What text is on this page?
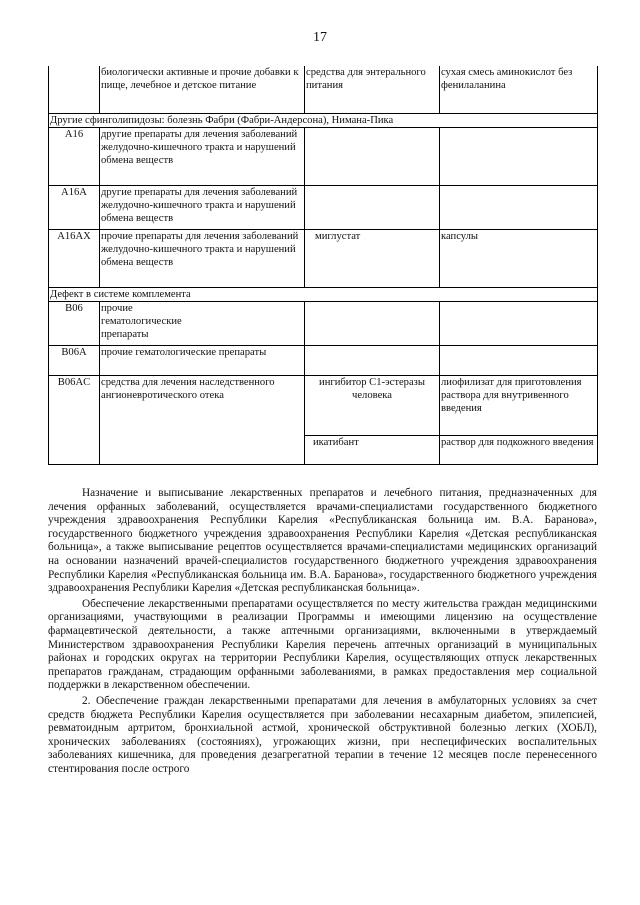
17
	биологически активные и прочие добавки к пище, лечебное и детское питание	средства для энтерального питания	сухая смесь аминокислот без фенилаланина
Другие сфинголипидозы: болезнь Фабри (Фабри-Андерсона), Нимана-Пика			
A16	другие препараты для лечения заболеваний желудочно-кишечного тракта и нарушений обмена веществ		
A16A	другие препараты для лечения заболеваний желудочно-кишечного тракта и нарушений обмена веществ		
A16AX	прочие препараты для лечения заболеваний желудочно-кишечного тракта и нарушений обмена веществ	миглустат	капсулы
Дефект в системе комплемента			
B06	прочие гематологические препараты		
B06A	прочие гематологические препараты		
B06AC	средства для лечения наследственного ангионевротического отека	ингибитор C1-эстеразы человека	лиофилизат для приготовления раствора для внутривенного введения
		икатибант	раствор для подкожного введения

Назначение и выписывание лекарственных препаратов и лечебного питания, предназначенных для лечения орфанных заболеваний, осуществляется врачами-специалистами государственного бюджетного учреждения здравоохранения Республики Карелия «Республиканская больница им. В.А. Баранова», государственного бюджетного учреждения здравоохранения Республики Карелия «Детская республиканская больница», а также выписывание рецептов осуществляется врачами-специалистами медицинских организаций на основании назначений врачей-специалистов государственного бюджетного учреждения здравоохранения Республики Карелия «Республиканская больница им. В.А. Баранова», государственного бюджетного учреждения здравоохранения Республики Карелия «Детская республиканская больница».

Обеспечение лекарственными препаратами осуществляется по месту жительства граждан медицинскими организациями, участвующими в реализации Программы и имеющими лицензию на осуществление фармацевтической деятельности, а также аптечными организациями, включенными в утверждаемый Министерством здравоохранения Республики Карелия перечень аптечных организаций в муниципальных районах и городских округах на территории Республики Карелия, осуществляющих отпуск лекарственных препаратов гражданам, страдающим орфанными заболеваниями, в рамках предоставления мер социальной поддержки в лекарственном обеспечении.

2. Обеспечение граждан лекарственными препаратами для лечения в амбулаторных условиях за счет средств бюджета Республики Карелия осуществляется при заболевании несахарным диабетом, эпилепсией, ревматоидным артритом, бронхиальной астмой, хронической обструктивной болезнью легких (ХОБЛ), хронических заболеваниях (состояниях), угрожающих жизни, при неспецифических воспалительных заболеваниях кишечника, для проведения дезагрегатной терапии в течение 12 месяцев после перенесенного стентирования после острого
